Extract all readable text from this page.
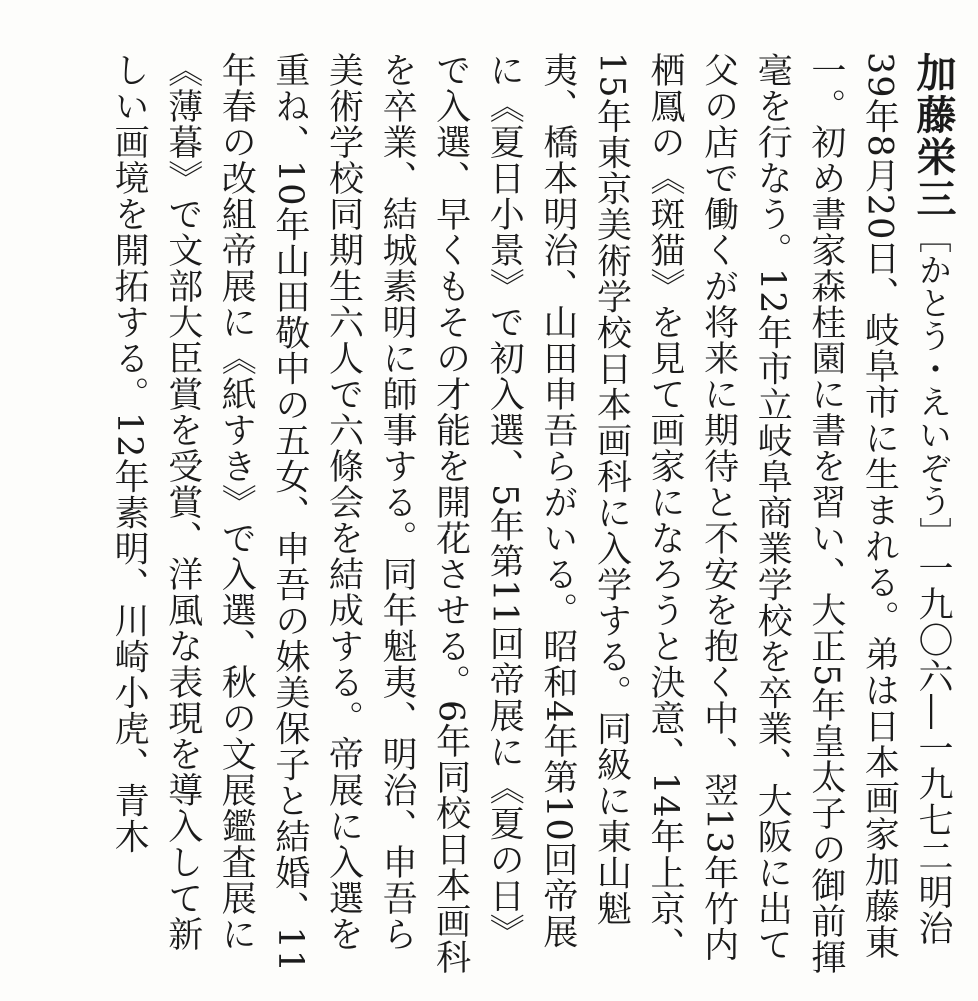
加藤栄三［かとう・えいぞう］一九〇六―一九七二明治39年8月20日、岐阜市に生まれる。弟は日本画家加藤東一。初め書家森桂園に書を習い、大正5年皇太子の御前揮毫を行なう。12年市立岐阜商業学校を卒業、大阪に出て父の店で働くが将来に期待と不安を抱く中、翌13年竹内栖鳳の《斑猫》を見て画家になろうと決意、14年上京、15年東京美術学校日本画科に入学する。同級に東山魁夷、橋本明治、山田申吾らがいる。昭和4年第10回帝展に《夏日小景》で初入選、5年第11回帝展に《夏の日》で入選、早くもその才能を開花させる。6年同校日本画科を卒業、結城素明に師事する。同年魁夷、明治、申吾ら美術学校同期生六人で六條会を結成する。帝展に入選を重ね、10年山田敬中の五女、申吾の妹美保子と結婚、11年春の改組帝展に《紙すき》で入選、秋の文展鑑査展に《薄暮》で文部大臣賞を受賞、洋風な表現を導入して新しい画境を開拓する。12年素明、川崎小虎、青木
